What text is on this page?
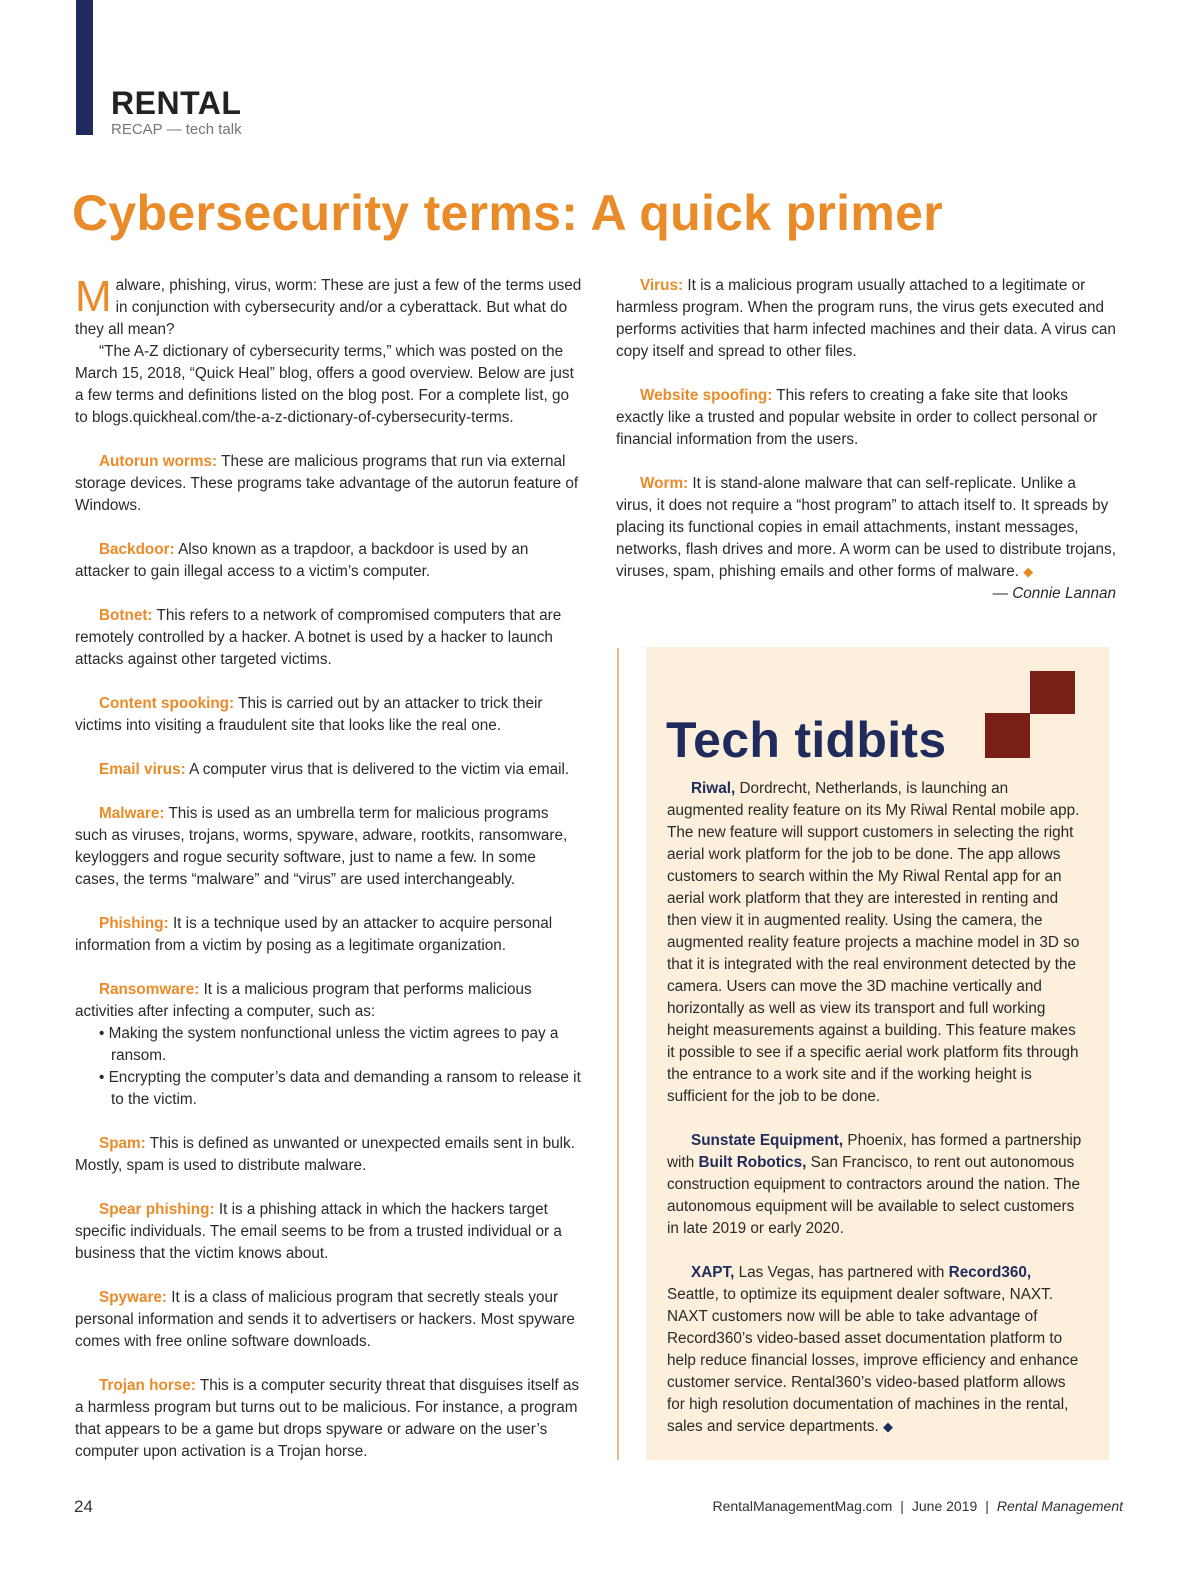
RENTAL
RECAP — tech talk
Cybersecurity terms: A quick primer

Malware, phishing, virus, worm: These are just a few of the terms used in conjunction with cybersecurity and/or a cyberattack. But what do they all mean?

“The A-Z dictionary of cybersecurity terms,” which was posted on the March 15, 2018, “Quick Heal” blog, offers a good overview. Below are just a few terms and definitions listed on the blog post. For a complete list, go to blogs.quickheal.com/the-a-z-dictionary-of-cybersecurity-terms.

Autorun worms: These are malicious programs that run via external storage devices. These programs take advantage of the autorun feature of Windows.

Backdoor: Also known as a trapdoor, a backdoor is used by an attacker to gain illegal access to a victim’s computer.

Botnet: This refers to a network of compromised computers that are remotely controlled by a hacker. A botnet is used by a hacker to launch attacks against other targeted victims.

Content spooking: This is carried out by an attacker to trick their victims into visiting a fraudulent site that looks like the real one.

Email virus: A computer virus that is delivered to the victim via email.

Malware: This is used as an umbrella term for malicious programs such as viruses, trojans, worms, spyware, adware, rootkits, ransomware, keyloggers and rogue security software, just to name a few. In some cases, the terms “malware” and “virus” are used interchangeably.

Phishing: It is a technique used by an attacker to acquire personal information from a victim by posing as a legitimate organization.

Ransomware: It is a malicious program that performs malicious activities after infecting a computer, such as:

• Making the system nonfunctional unless the victim agrees to pay a ransom.

• Encrypting the computer’s data and demanding a ransom to release it to the victim.

Spam: This is defined as unwanted or unexpected emails sent in bulk. Mostly, spam is used to distribute malware.

Spear phishing: It is a phishing attack in which the hackers target specific individuals. The email seems to be from a trusted individual or a business that the victim knows about.

Spyware: It is a class of malicious program that secretly steals your personal information and sends it to advertisers or hackers. Most spyware comes with free online software downloads.

Trojan horse: This is a computer security threat that disguises itself as a harmless program but turns out to be malicious. For instance, a program that appears to be a game but drops spyware or adware on the user’s computer upon activation is a Trojan horse.

Virus: It is a malicious program usually attached to a legitimate or harmless program. When the program runs, the virus gets executed and performs activities that harm infected machines and their data. A virus can copy itself and spread to other files.

Website spoofing: This refers to creating a fake site that looks exactly like a trusted and popular website in order to collect personal or financial information from the users.

Worm: It is stand-alone malware that can self-replicate. Unlike a virus, it does not require a “host program” to attach itself to. It spreads by placing its functional copies in email attachments, instant messages, networks, flash drives and more. A worm can be used to distribute trojans, viruses, spam, phishing emails and other forms of malware. ◆

— Connie Lannan

Tech tidbits

Riwal, Dordrecht, Netherlands, is launching an augmented reality feature on its My Riwal Rental mobile app. The new feature will support customers in selecting the right aerial work platform for the job to be done. The app allows customers to search within the My Riwal Rental app for an aerial work platform that they are interested in renting and then view it in augmented reality. Using the camera, the augmented reality feature projects a machine model in 3D so that it is integrated with the real environment detected by the camera. Users can move the 3D machine vertically and horizontally as well as view its transport and full working height measurements against a building. This feature makes it possible to see if a specific aerial work platform fits through the entrance to a work site and if the working height is sufficient for the job to be done.

Sunstate Equipment, Phoenix, has formed a partnership with Built Robotics, San Francisco, to rent out autonomous construction equipment to contractors around the nation. The autonomous equipment will be available to select customers in late 2019 or early 2020.

XAPT, Las Vegas, has partnered with Record360, Seattle, to optimize its equipment dealer software, NAXT. NAXT customers now will be able to take advantage of Record360’s video-based asset documentation platform to help reduce financial losses, improve efficiency and enhance customer service. Rental360’s video-based platform allows for high resolution documentation of machines in the rental, sales and service departments. ◆

24	RentalManagementMag.com | June 2019 | Rental Management
